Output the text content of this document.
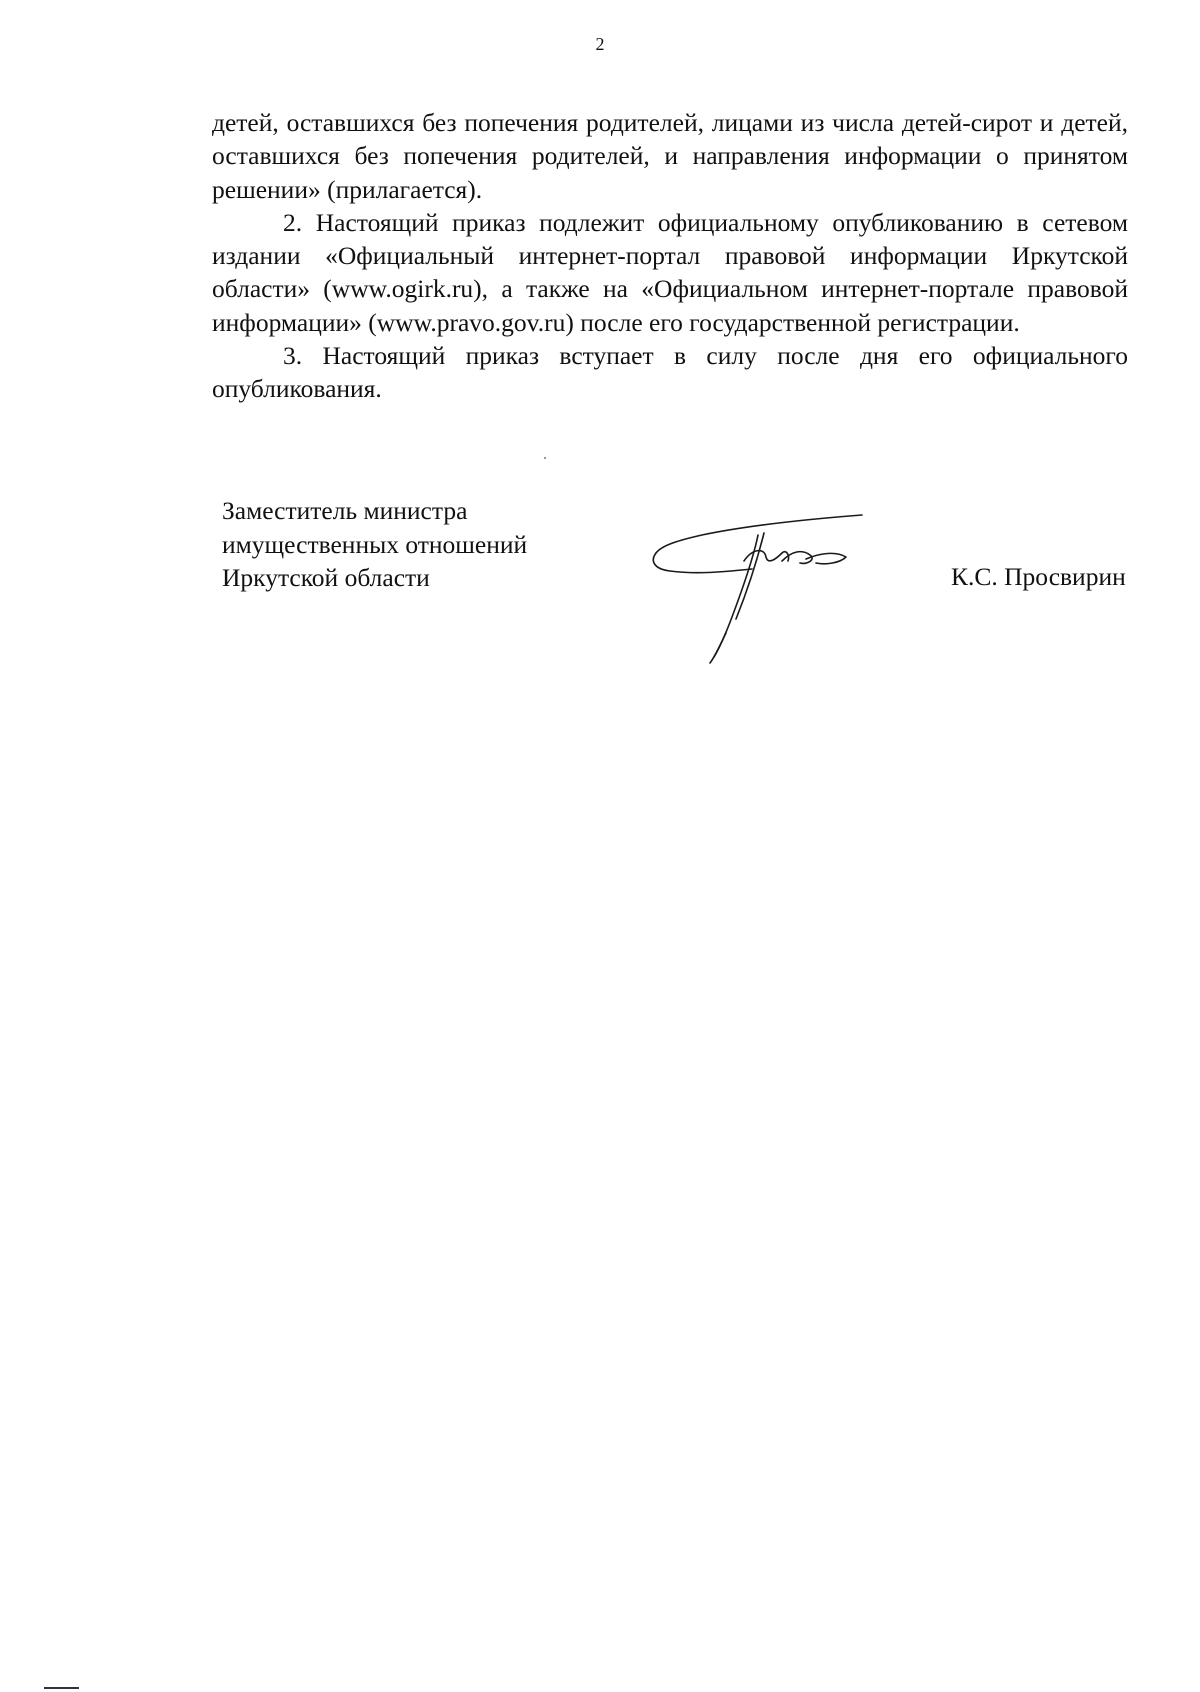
2

детей, оставшихся без попечения родителей, лицами из числа детей-сирот и детей, оставшихся без попечения родителей, и направления информации о принятом решении» (прилагается).

2. Настоящий приказ подлежит официальному опубликованию в сетевом издании «Официальный интернет-портал правовой информации Иркутской области» (www.ogirk.ru), а также на «Официальном интернет-портале правовой информации» (www.pravo.gov.ru) после его государственной регистрации.

3. Настоящий приказ вступает в силу после дня его официального опубликования.

Заместитель министра
имущественных отношений
Иркутской области	К.С. Просвирин
